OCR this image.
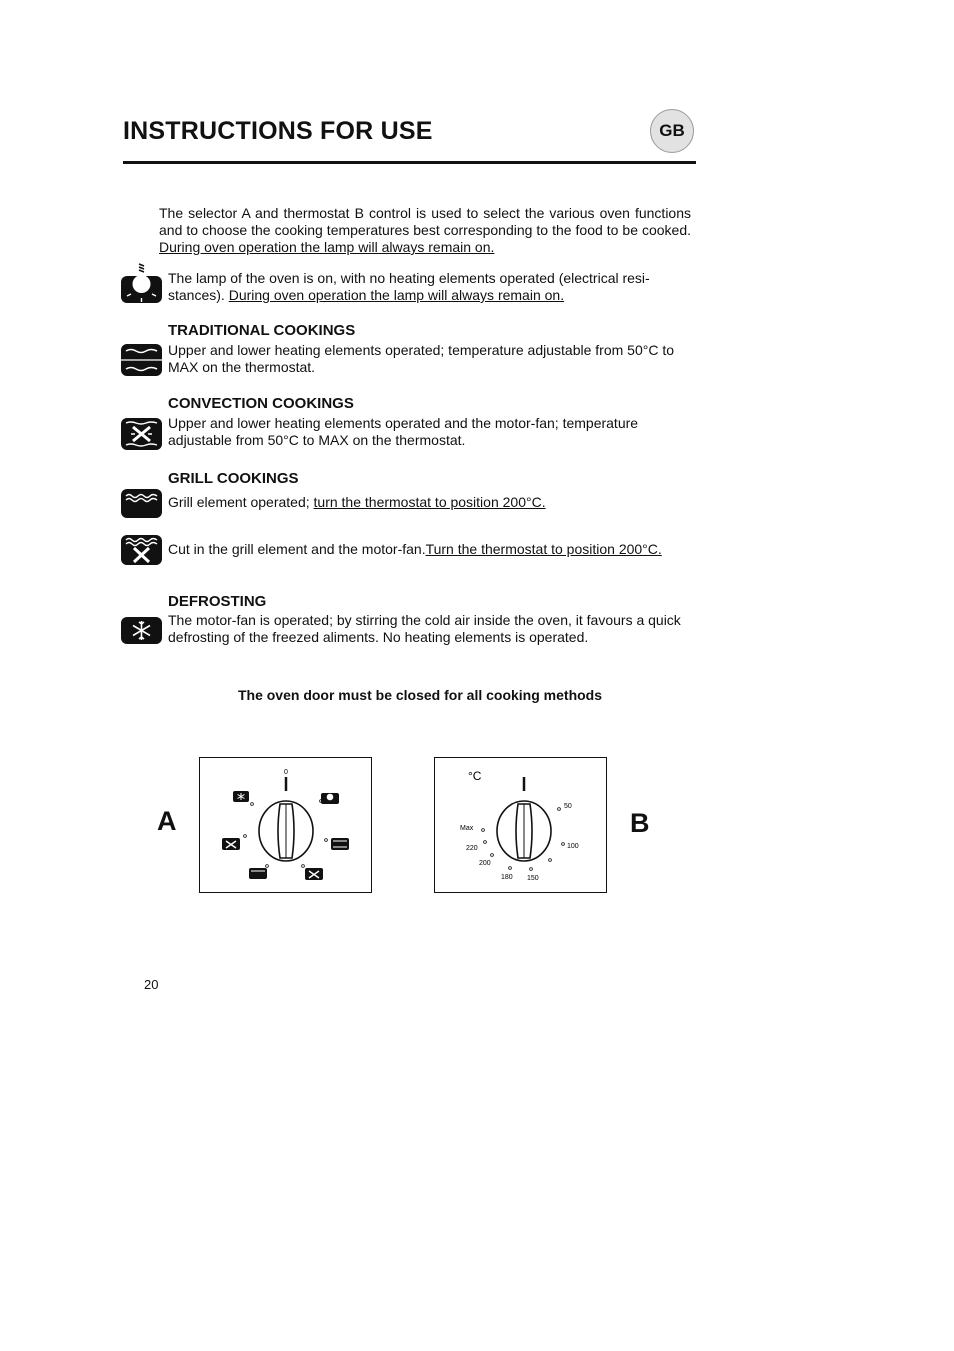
INSTRUCTIONS FOR USE	GB
The selector A and thermostat B control is used to select the various oven functions and to choose the cooking temperatures best corresponding to the food to be cooked. During oven operation the lamp will always remain on.
The lamp of the oven is on, with no heating elements operated (electrical resi-stances). During oven operation the lamp will always remain on.
TRADITIONAL COOKINGS
Upper and lower heating elements operated; temperature adjustable from 50°C to MAX on the thermostat.
CONVECTION COOKINGS
Upper and lower heating elements operated and the motor-fan; temperature adjustable from 50°C to MAX on the thermostat.
GRILL COOKINGS
Grill element operated; turn the thermostat to position 200°C.
Cut in the grill element and the motor-fan.Turn the thermostat to position 200°C.
DEFROSTING
The motor-fan is operated; by stirring the cold air inside the oven, it favours a quick defrosting of the freezed aliments. No heating elements is operated.
The oven door must be closed for all cooking methods
A
0	°C
50
100
150
180
200
220
Max	B
20
